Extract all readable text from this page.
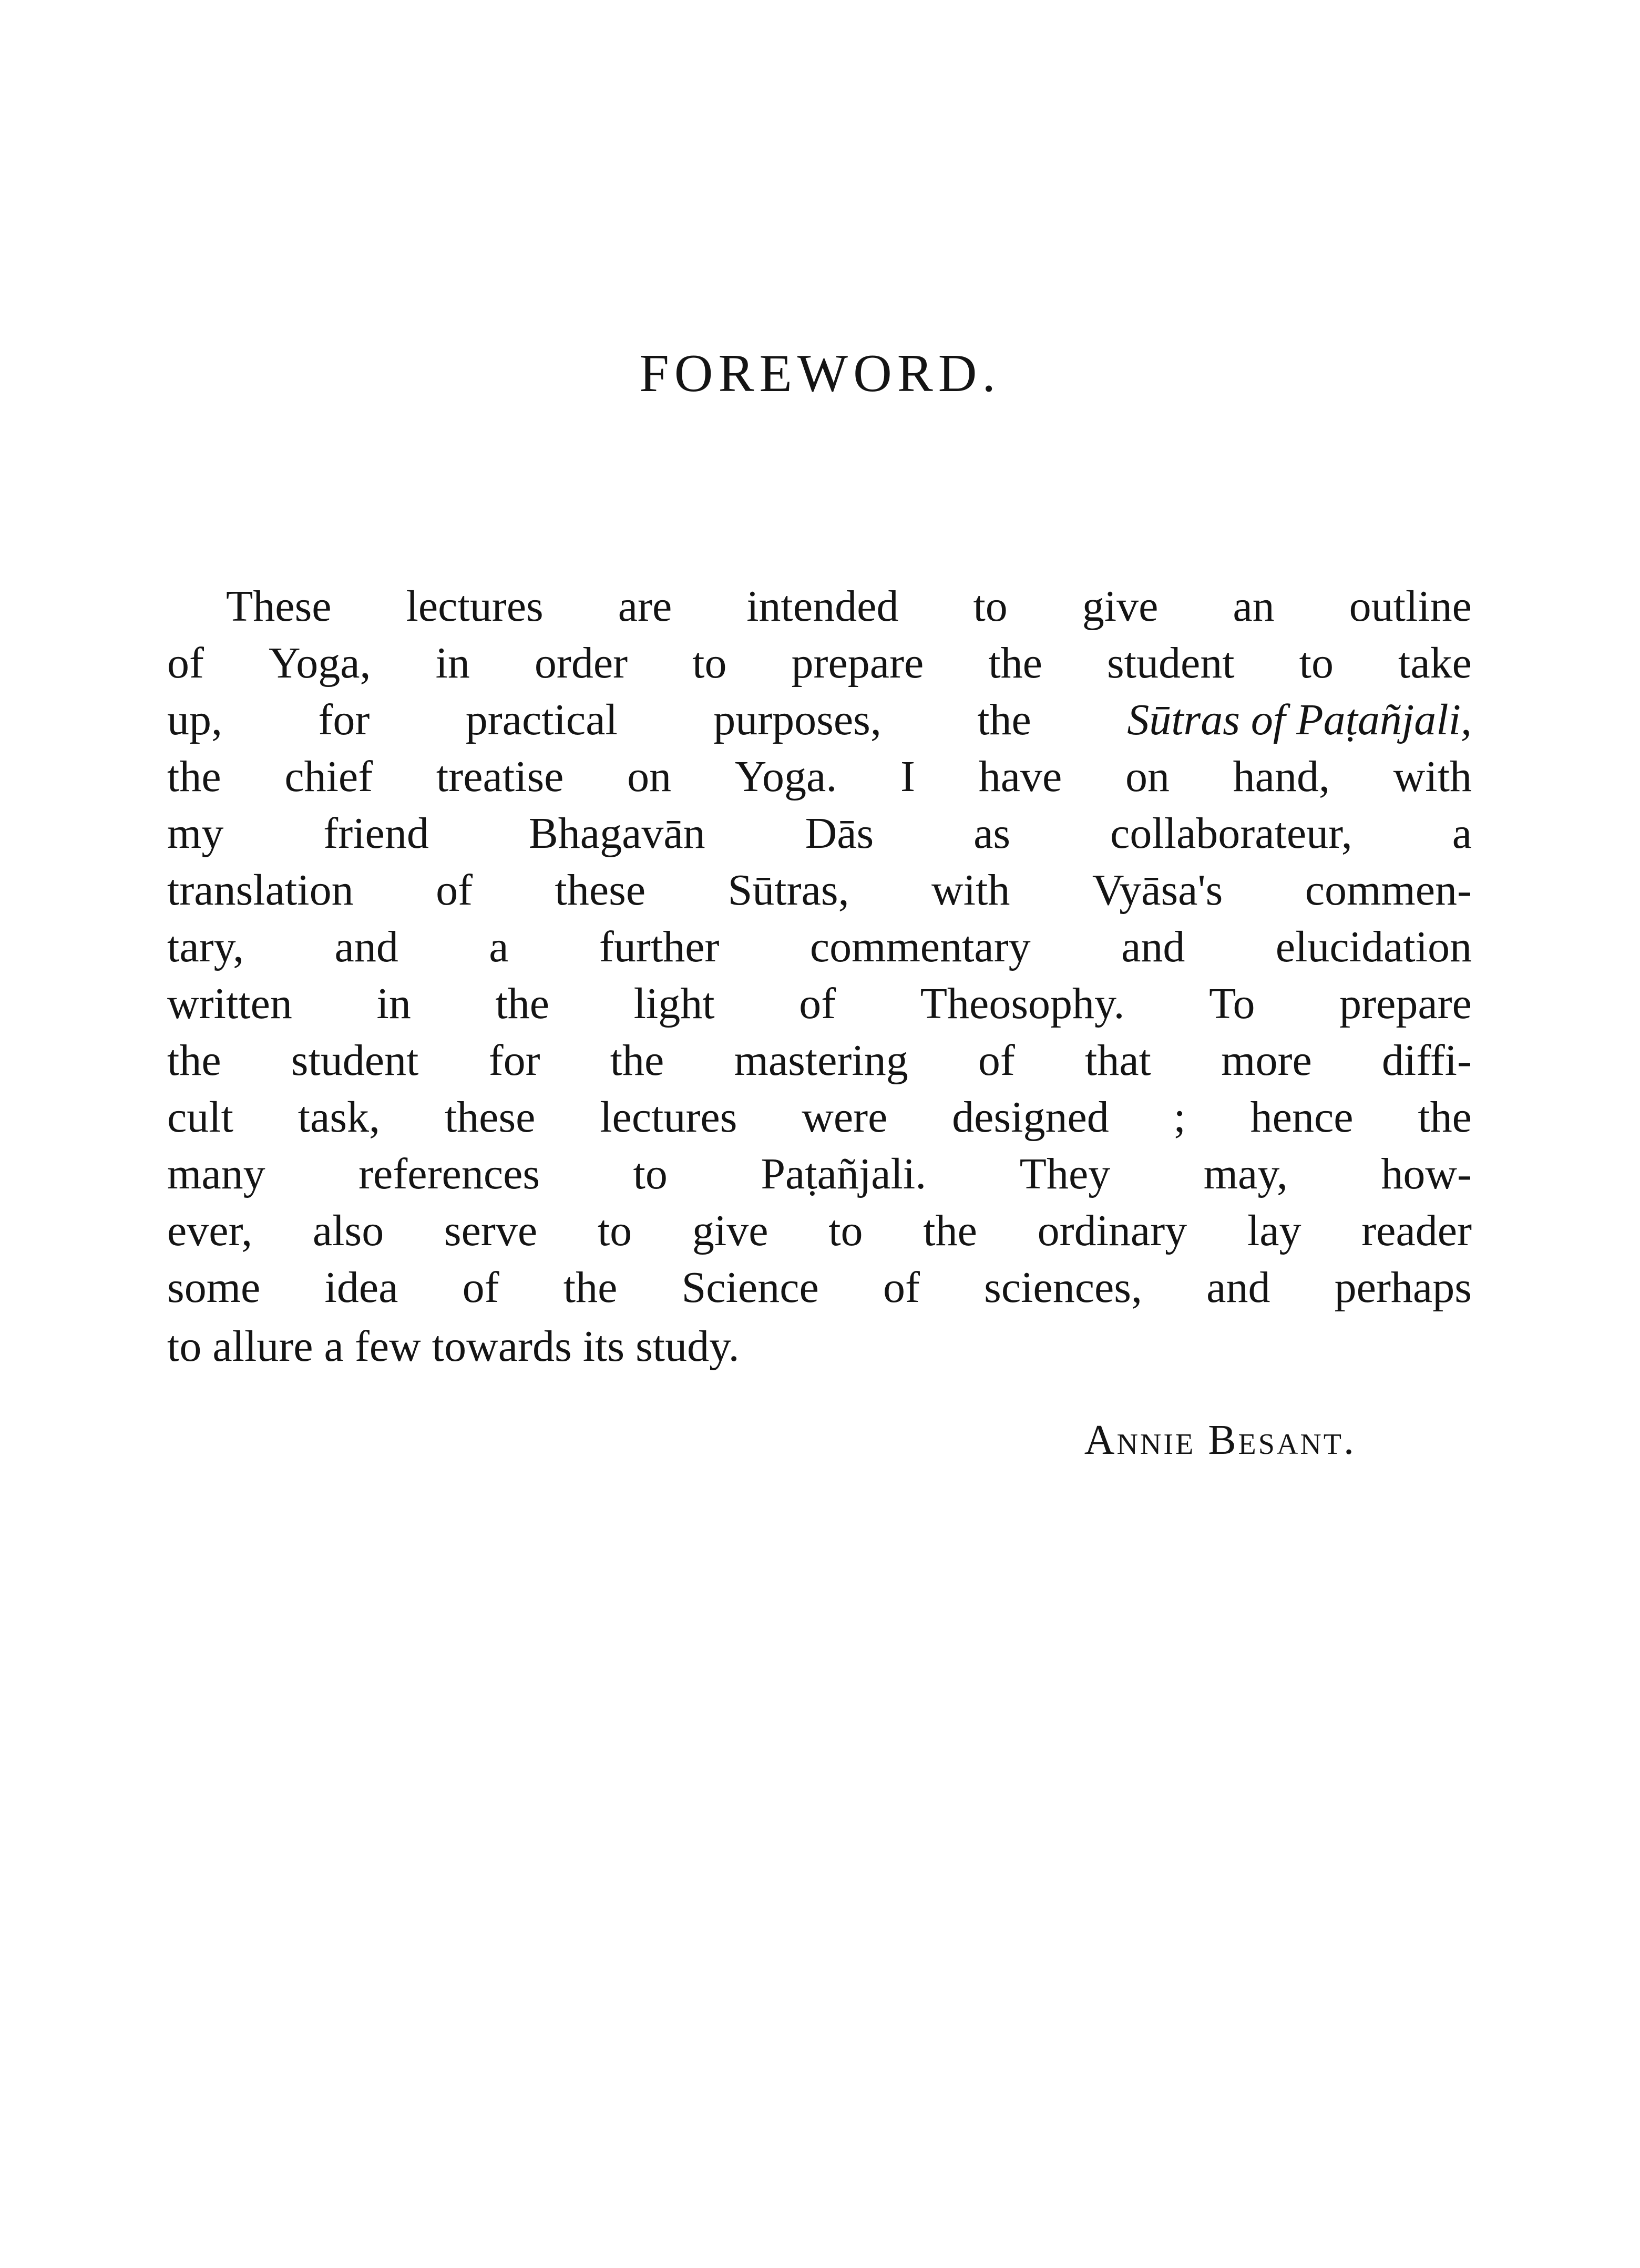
FOREWORD.
These lectures are intended to give an outline
of Yoga, in order to prepare the student to take
up, for practical purposes, the Sūtras of Paṭañjali,
the chief treatise on Yoga. I have on hand, with
my friend Bhagavān Dās as collaborateur, a
translation of these Sūtras, with Vyāsa's commen-
tary, and a further commentary and elucidation
written in the light of Theosophy. To prepare
the student for the mastering of that more diffi-
cult task, these lectures were designed ; hence the
many references to Paṭañjali. They may, how-
ever, also serve to give to the ordinary lay reader
some idea of the Science of sciences, and perhaps
to allure a few towards its study.
Annie Besant.
